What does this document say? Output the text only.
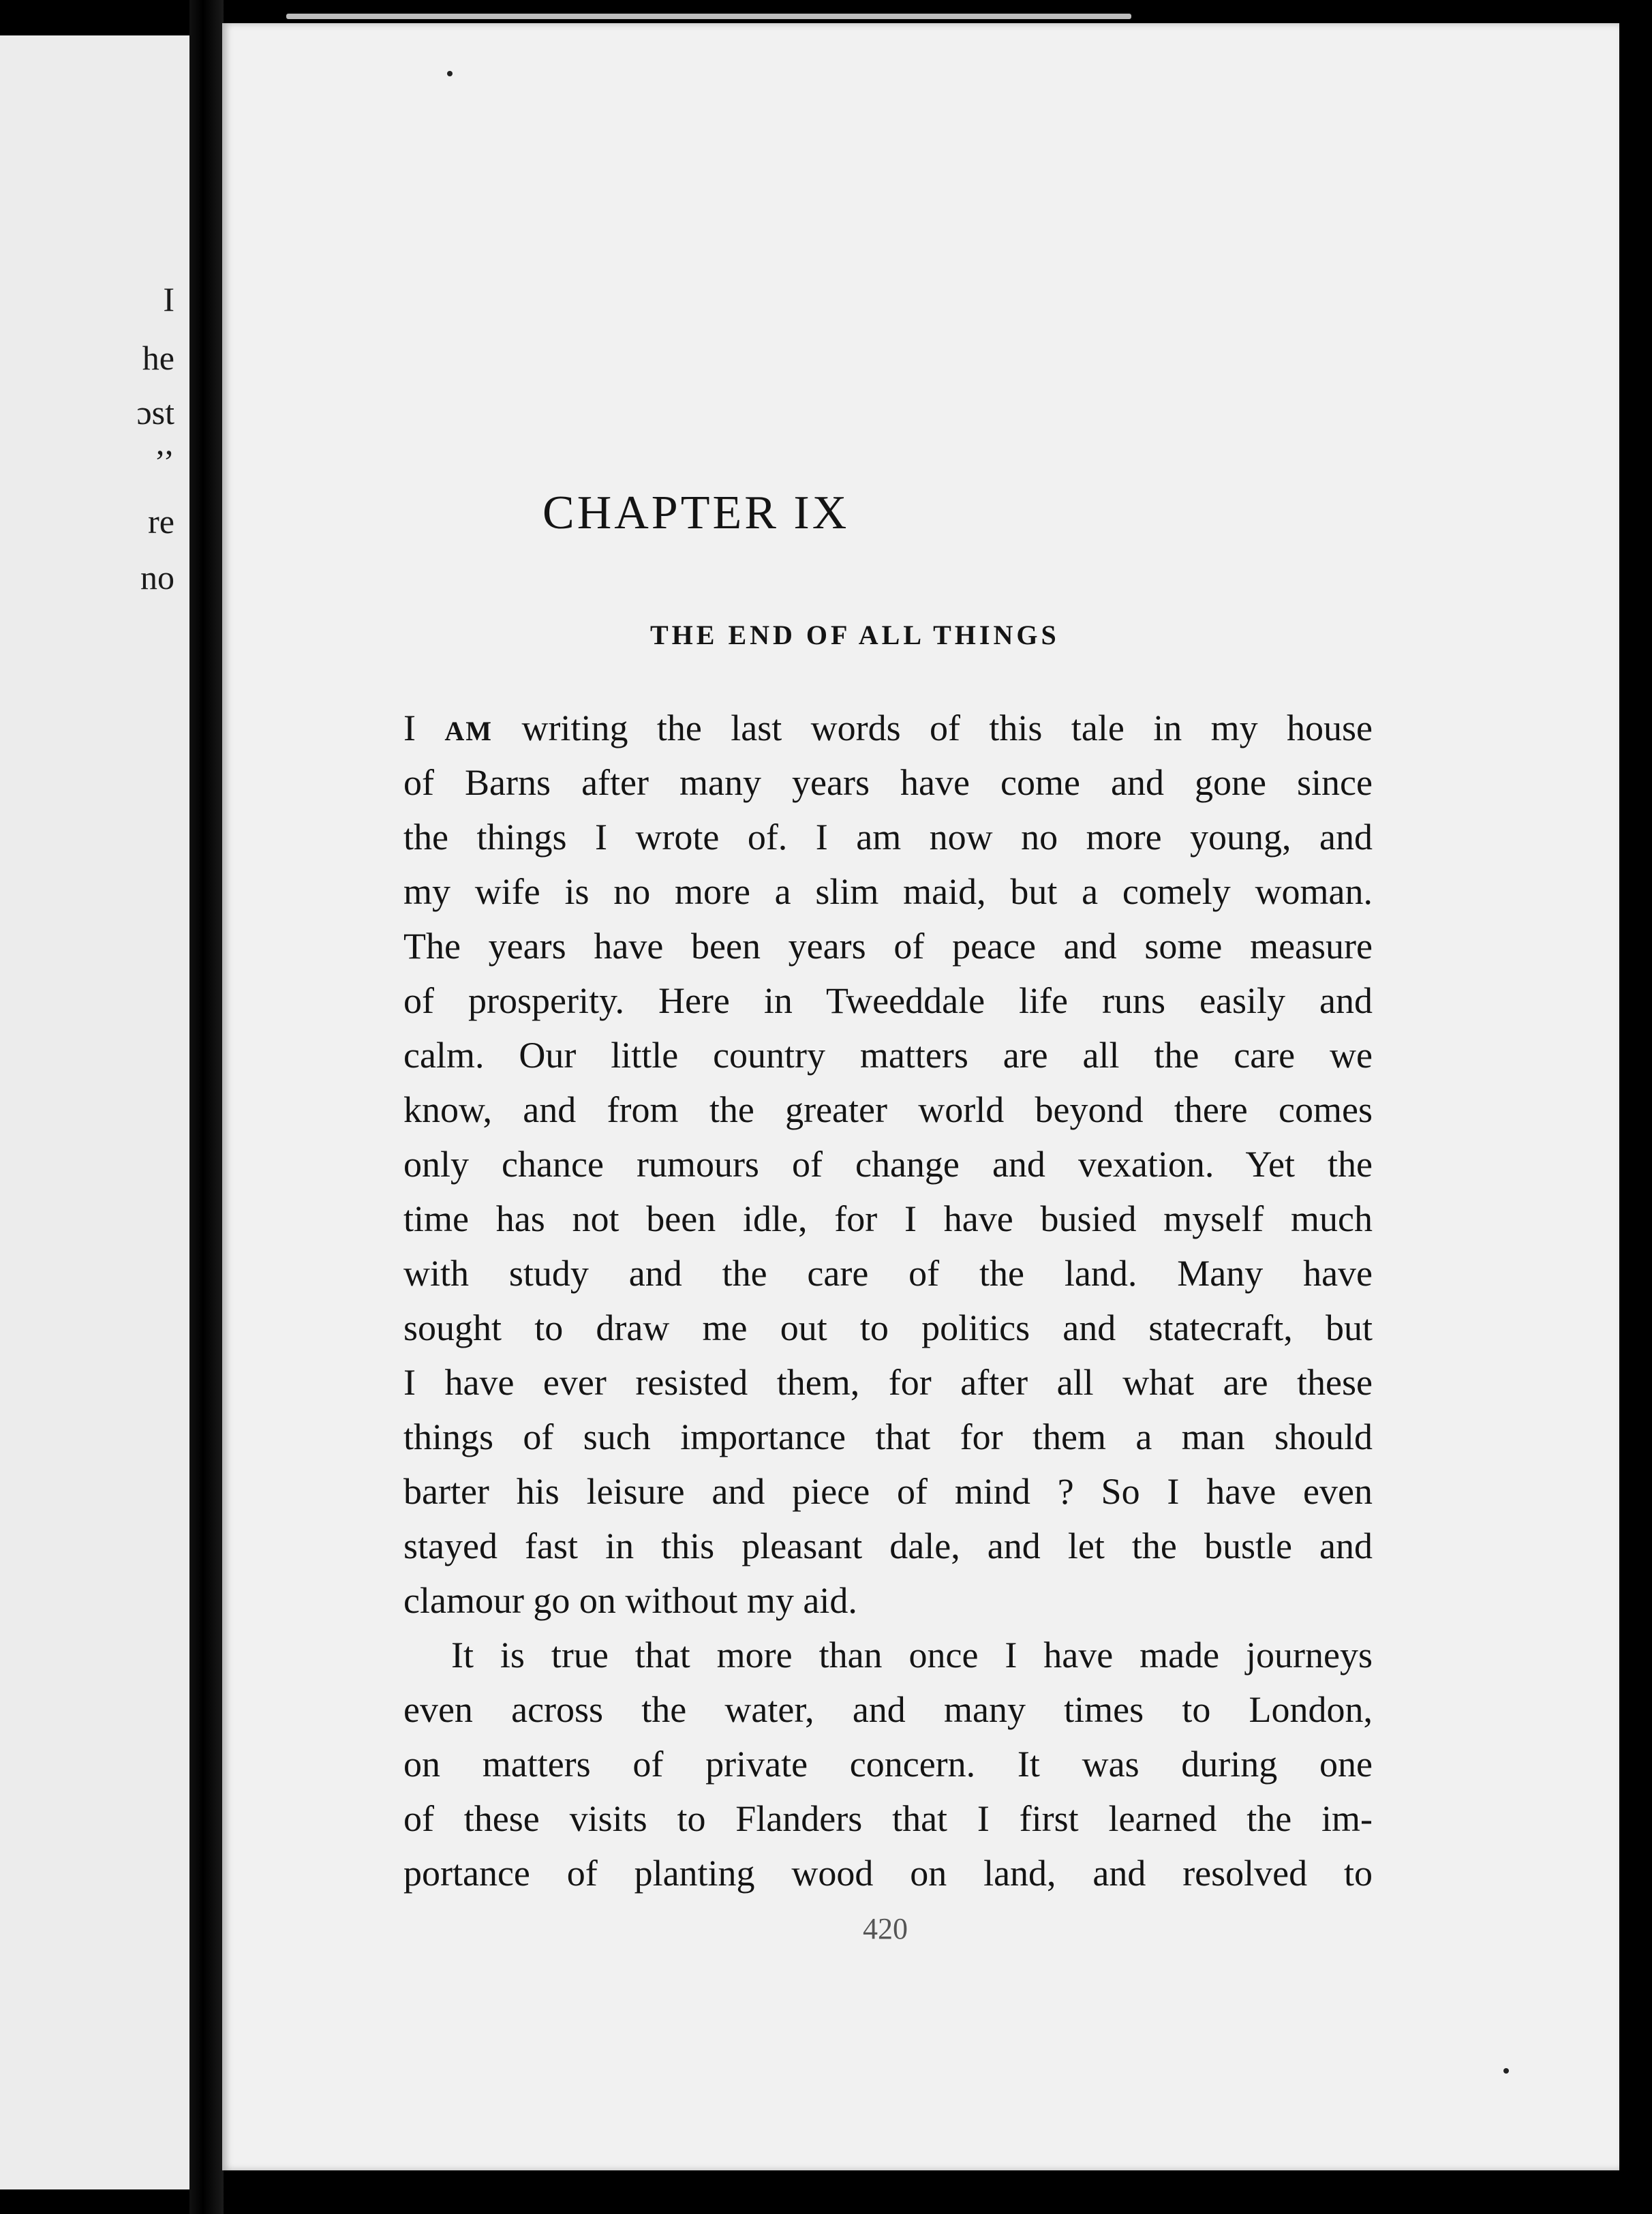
I
he
ɔst
’’
re
no
CHAPTER IX
THE END OF ALL THINGS
I AM writing the last words of this tale in my house
of Barns after many years have come and gone since
the things I wrote of. I am now no more young, and
my wife is no more a slim maid, but a comely woman.
The years have been years of peace and some measure
of prosperity. Here in Tweeddale life runs easily and
calm. Our little country matters are all the care we
know, and from the greater world beyond there comes
only chance rumours of change and vexation. Yet the
time has not been idle, for I have busied myself much
with study and the care of the land. Many have
sought to draw me out to politics and statecraft, but
I have ever resisted them, for after all what are these
things of such importance that for them a man should
barter his leisure and piece of mind ? So I have even
stayed fast in this pleasant dale, and let the bustle and
clamour go on without my aid.
It is true that more than once I have made journeys
even across the water, and many times to London,
on matters of private concern. It was during one
of these visits to Flanders that I first learned the im-
portance of planting wood on land, and resolved to
420
